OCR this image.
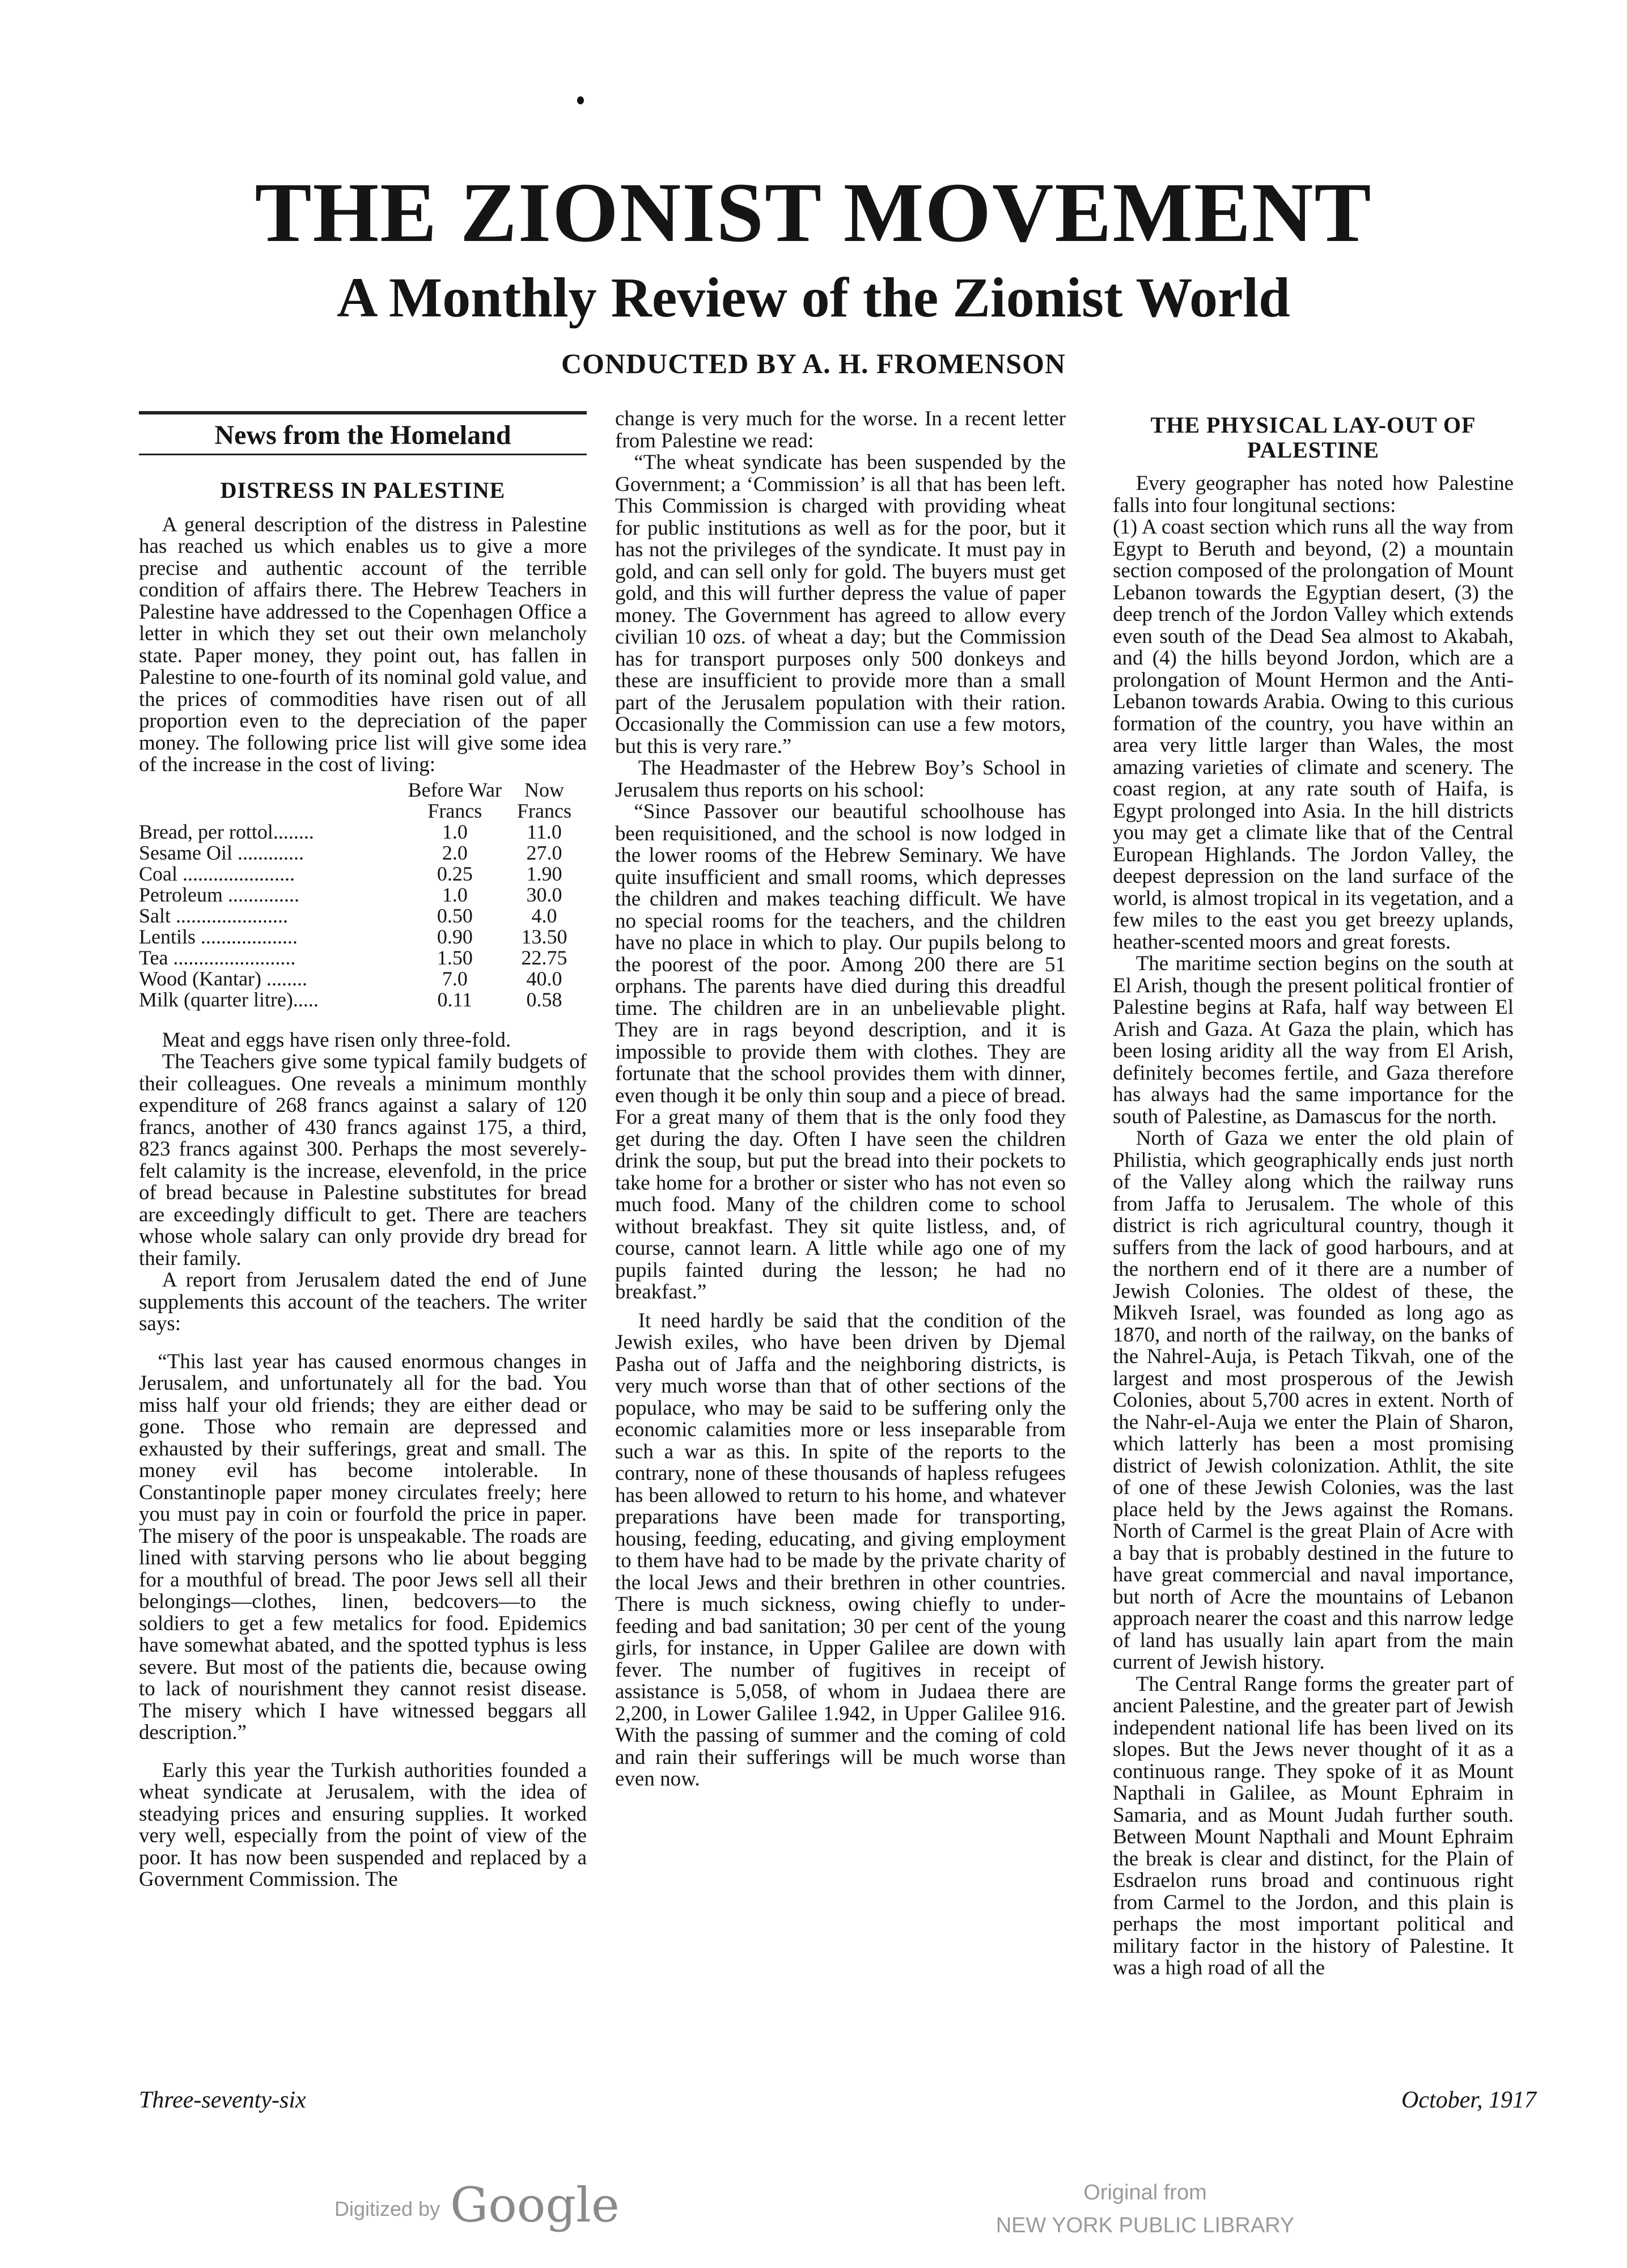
THE ZIONIST MOVEMENT
A Monthly Review of the Zionist World
CONDUCTED BY A. H. FROMENSON
News from the Homeland
DISTRESS IN PALESTINE

A general description of the distress in Palestine has reached us which enables us to give a more precise and authentic account of the terrible condition of affairs there. The Hebrew Teachers in Palestine have addressed to the Copenhagen Office a letter in which they set out their own melancholy state. Paper money, they point out, has fallen in Palestine to one-fourth of its nominal gold value, and the prices of commodities have risen out of all proportion even to the depreciation of the paper money. The following price list will give some idea of the increase in the cost of living:

	Before War	Now
	Francs	Francs
Bread, per rottol........	1.0	11.0
Sesame Oil .............	2.0	27.0
Coal ......................	0.25	1.90
Petroleum ..............	1.0	30.0
Salt ......................	0.50	4.0
Lentils ...................	0.90	13.50
Tea ........................	1.50	22.75
Wood (Kantar) ........	7.0	40.0
Milk (quarter litre).....	0.11	0.58

Meat and eggs have risen only three-fold.

The Teachers give some typical family budgets of their colleagues. One reveals a minimum monthly expenditure of 268 francs against a salary of 120 francs, another of 430 francs against 175, a third, 823 francs against 300. Perhaps the most severely-felt calamity is the increase, elevenfold, in the price of bread because in Palestine substitutes for bread are exceedingly difficult to get. There are teachers whose whole salary can only provide dry bread for their family.

A report from Jerusalem dated the end of June supplements this account of the teachers. The writer says:

“This last year has caused enormous changes in Jerusalem, and unfortunately all for the bad. You miss half your old friends; they are either dead or gone. Those who remain are depressed and exhausted by their sufferings, great and small. The money evil has become intolerable. In Constantinople paper money circulates freely; here you must pay in coin or fourfold the price in paper. The misery of the poor is unspeakable. The roads are lined with starving persons who lie about begging for a mouthful of bread. The poor Jews sell all their belongings—clothes, linen, bedcovers—to the soldiers to get a few metalics for food. Epidemics have somewhat abated, and the spotted typhus is less severe. But most of the patients die, because owing to lack of nourishment they cannot resist disease. The misery which I have witnessed beggars all description.”

Early this year the Turkish authorities founded a wheat syndicate at Jerusalem, with the idea of steadying prices and ensuring supplies. It worked very well, especially from the point of view of the poor. It has now been suspended and replaced by a Government Commission. The

change is very much for the worse. In a recent letter from Palestine we read:

“The wheat syndicate has been suspended by the Government; a ‘Commission’ is all that has been left. This Commission is charged with providing wheat for public institutions as well as for the poor, but it has not the privileges of the syndicate. It must pay in gold, and can sell only for gold. The buyers must get gold, and this will further depress the value of paper money. The Government has agreed to allow every civilian 10 ozs. of wheat a day; but the Commission has for transport purposes only 500 donkeys and these are insufficient to provide more than a small part of the Jerusalem population with their ration. Occasionally the Commission can use a few motors, but this is very rare.”

The Headmaster of the Hebrew Boy’s School in Jerusalem thus reports on his school:

“Since Passover our beautiful schoolhouse has been requisitioned, and the school is now lodged in the lower rooms of the Hebrew Seminary. We have quite insufficient and small rooms, which depresses the children and makes teaching difficult. We have no special rooms for the teachers, and the children have no place in which to play. Our pupils belong to the poorest of the poor. Among 200 there are 51 orphans. The parents have died during this dreadful time. The children are in an unbelievable plight. They are in rags beyond description, and it is impossible to provide them with clothes. They are fortunate that the school provides them with dinner, even though it be only thin soup and a piece of bread. For a great many of them that is the only food they get during the day. Often I have seen the children drink the soup, but put the bread into their pockets to take home for a brother or sister who has not even so much food. Many of the children come to school without breakfast. They sit quite listless, and, of course, cannot learn. A little while ago one of my pupils fainted during the lesson; he had no breakfast.”

It need hardly be said that the condition of the Jewish exiles, who have been driven by Djemal Pasha out of Jaffa and the neighboring districts, is very much worse than that of other sections of the populace, who may be said to be suffering only the economic calamities more or less inseparable from such a war as this. In spite of the reports to the contrary, none of these thousands of hapless refugees has been allowed to return to his home, and whatever preparations have been made for transporting, housing, feeding, educating, and giving employment to them have had to be made by the private charity of the local Jews and their brethren in other countries. There is much sickness, owing chiefly to under-feeding and bad sanitation; 30 per cent of the young girls, for instance, in Upper Galilee are down with fever. The number of fugitives in receipt of assistance is 5,058, of whom in Judaea there are 2,200, in Lower Galilee 1.942, in Upper Galilee 916. With the passing of summer and the coming of cold and rain their sufferings will be much worse than even now.

THE PHYSICAL LAY-OUT OF PALESTINE

Every geographer has noted how Palestine falls into four longitunal sections:

(1) A coast section which runs all the way from Egypt to Beruth and beyond, (2) a mountain section composed of the prolongation of Mount Lebanon towards the Egyptian desert, (3) the deep trench of the Jordon Valley which extends even south of the Dead Sea almost to Akabah, and (4) the hills beyond Jordon, which are a prolongation of Mount Hermon and the Anti-Lebanon towards Arabia. Owing to this curious formation of the country, you have within an area very little larger than Wales, the most amazing varieties of climate and scenery. The coast region, at any rate south of Haifa, is Egypt prolonged into Asia. In the hill districts you may get a climate like that of the Central European Highlands. The Jordon Valley, the deepest depression on the land surface of the world, is almost tropical in its vegetation, and a few miles to the east you get breezy uplands, heather-scented moors and great forests.

The maritime section begins on the south at El Arish, though the present political frontier of Palestine begins at Rafa, half way between El Arish and Gaza. At Gaza the plain, which has been losing aridity all the way from El Arish, definitely becomes fertile, and Gaza therefore has always had the same importance for the south of Palestine, as Damascus for the north.

North of Gaza we enter the old plain of Philistia, which geographically ends just north of the Valley along which the railway runs from Jaffa to Jerusalem. The whole of this district is rich agricultural country, though it suffers from the lack of good harbours, and at the northern end of it there are a number of Jewish Colonies. The oldest of these, the Mikveh Israel, was founded as long ago as 1870, and north of the railway, on the banks of the Nahrel-Auja, is Petach Tikvah, one of the largest and most prosperous of the Jewish Colonies, about 5,700 acres in extent. North of the Nahr-el-Auja we enter the Plain of Sharon, which latterly has been a most promising district of Jewish colonization. Athlit, the site of one of these Jewish Colonies, was the last place held by the Jews against the Romans. North of Carmel is the great Plain of Acre with a bay that is probably destined in the future to have great commercial and naval importance, but north of Acre the mountains of Lebanon approach nearer the coast and this narrow ledge of land has usually lain apart from the main current of Jewish history.

The Central Range forms the greater part of ancient Palestine, and the greater part of Jewish independent national life has been lived on its slopes. But the Jews never thought of it as a continuous range. They spoke of it as Mount Napthali in Galilee, as Mount Ephraim in Samaria, and as Mount Judah further south. Between Mount Napthali and Mount Ephraim the break is clear and distinct, for the Plain of Esdraelon runs broad and continuous right from Carmel to the Jordon, and this plain is perhaps the most important political and military factor in the history of Palestine. It was a high road of all the

Three-seventy-six	October, 1917
Digitized by Google	Original from
NEW YORK PUBLIC LIBRARY
